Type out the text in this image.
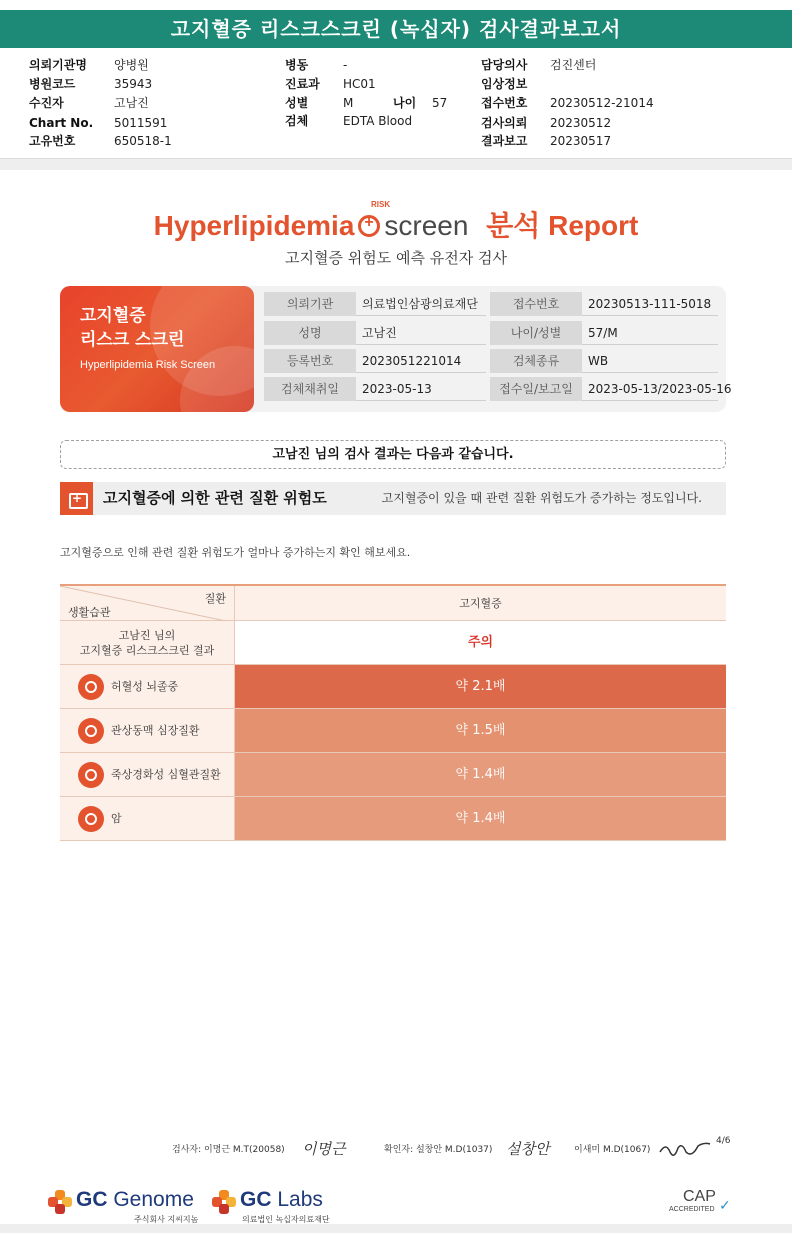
고지혈증 리스크스크린 (녹십자) 검사결과보고서
의뢰기관명 양병원
병원코드	35943
수진자	고남진
Chart No. 5011591
고유번호	650518-1
병동	-
진료과 HC01
성별	M	나이 57
검체	EDTA Blood
담당의사 검진센터
임상정보
접수번호 20230512-21014
검사의뢰 20230512
결과보고 20230517
RISK
Hyperlipidemia+ screen 분석 Report
고지혈증 위험도 예측 유전자 검사
고지혈증
리스크 스크린
Hyperlipidemia Risk Screen
의뢰기관	의료법인삼광의료재단	접수번호	20230513-111-5018
성명	고남진	나이/성별	57/M
등록번호	2023051221014	검체종류	WB
검체채취일	2023-05-13	접수일/보고일	2023-05-13/2023-05-16
고남진 님의 검사 결과는 다음과 같습니다.
+
고지혈증에 의한 관련 질환 위험도	고지혈증이 있을 때 관련 질환 위험도가 증가하는 정도입니다.
고지혈증으로 인해 관련 질환 위험도가 얼마나 증가하는지 확인 해보세요.
질환
생활습관
고지혈증
고남진 님의
고지혈증 리스크스크린 결과
주의
허혈성 뇌졸중	약 2.1배
관상동맥 심장질환	약 1.5배
죽상경화성 심혈관질환	약 1.4배
암	약 1.4배
검사자: 이명근 M.T(20058) 이명근	확인자: 설창안 M.D(1037) 설창안	이새미 M.D(1067)
4/6
GC Genome
주식회사 지씨지놈
GC Labs
의료법인 녹십자의료재단
CAP
ACCREDITED ✓
